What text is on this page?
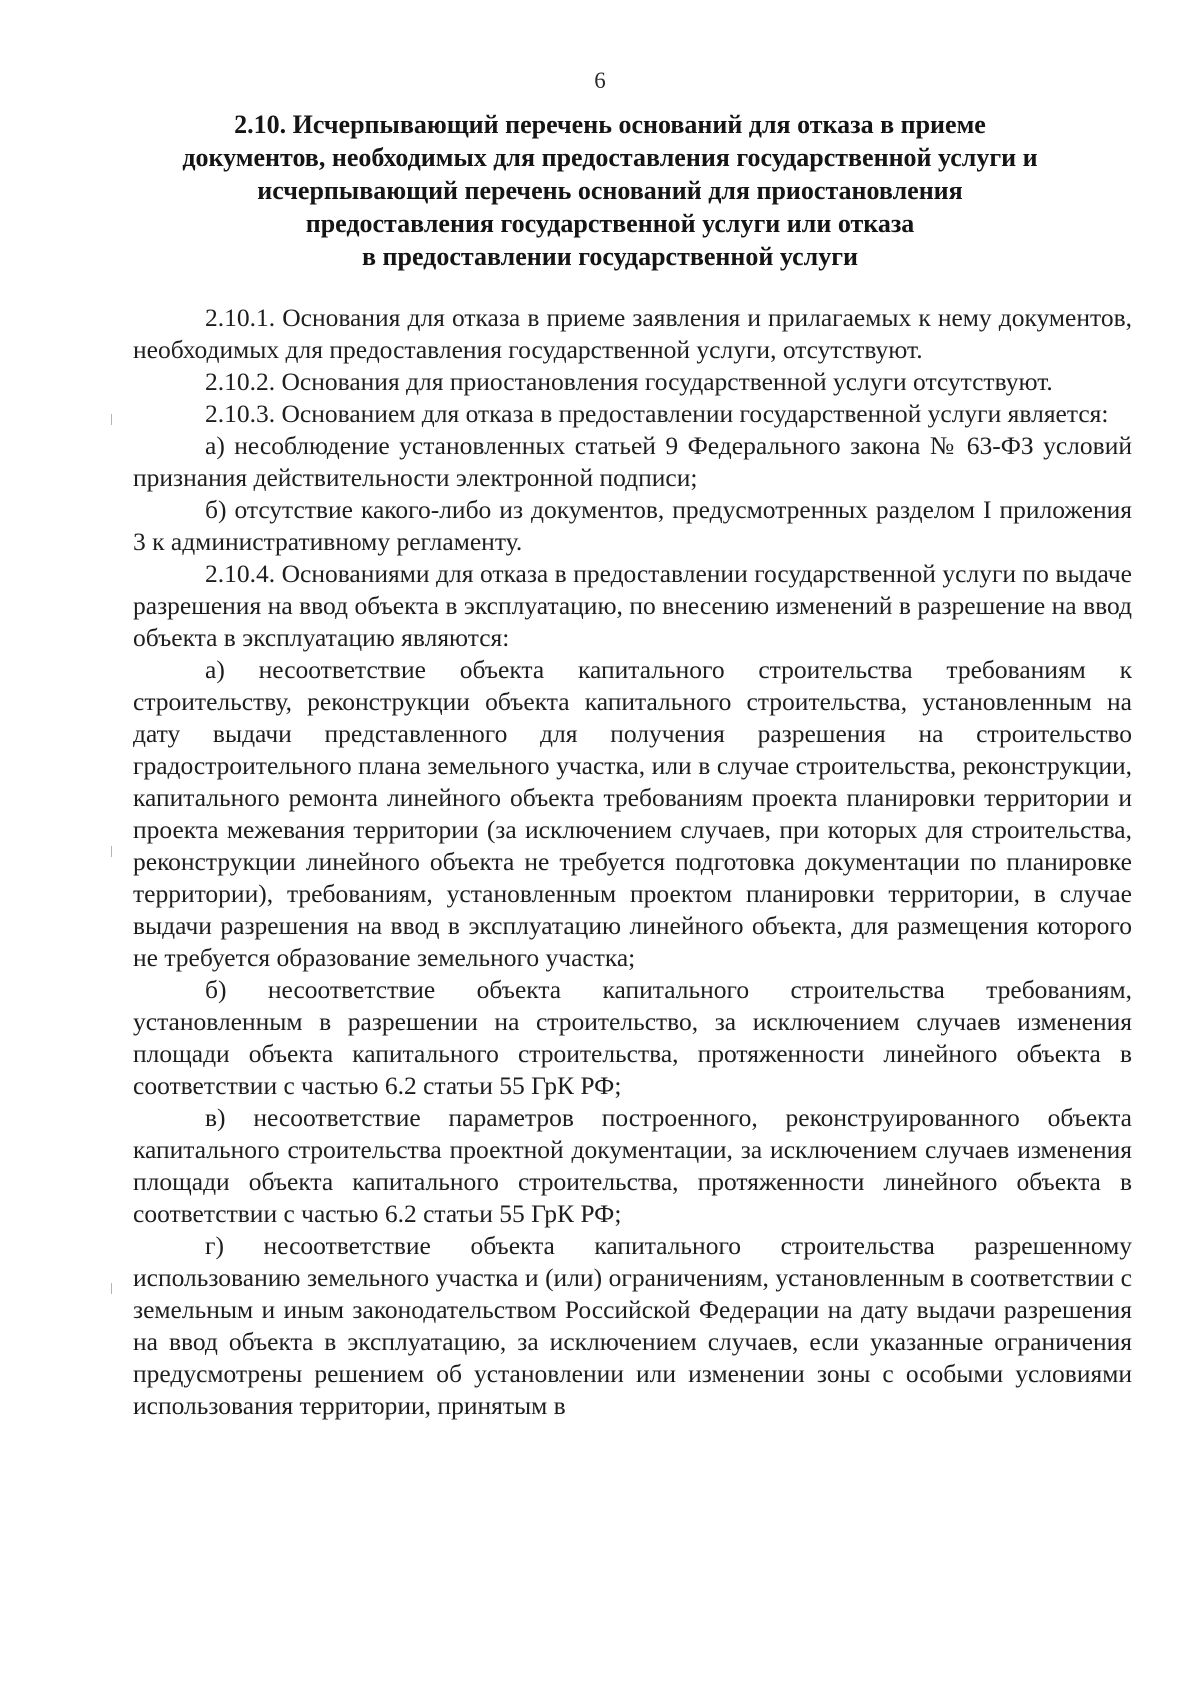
6
2.10. Исчерпывающий перечень оснований для отказа в приеме
документов, необходимых для предоставления государственной услуги и
исчерпывающий перечень оснований для приостановления
предоставления государственной услуги или отказа
в предоставлении государственной услуги

2.10.1. Основания для отказа в приеме заявления и прилагаемых к нему документов, необходимых для предоставления государственной услуги, отсутствуют.

2.10.2. Основания для приостановления государственной услуги отсутствуют.

2.10.3. Основанием для отказа в предоставлении государственной услуги является:

а) несоблюдение установленных статьей 9 Федерального закона № 63-ФЗ условий признания действительности электронной подписи;

б) отсутствие какого-либо из документов, предусмотренных разделом I приложения 3 к административному регламенту.

2.10.4. Основаниями для отказа в предоставлении государственной услуги по выдаче разрешения на ввод объекта в эксплуатацию, по внесению изменений в разрешение на ввод объекта в эксплуатацию являются:

а) несоответствие объекта капитального строительства требованиям к строительству, реконструкции объекта капитального строительства, установленным на дату выдачи представленного для получения разрешения на строительство градостроительного плана земельного участка, или в случае строительства, реконструкции, капитального ремонта линейного объекта требованиям проекта планировки территории и проекта межевания территории (за исключением случаев, при которых для строительства, реконструкции линейного объекта не требуется подготовка документации по планировке территории), требованиям, установленным проектом планировки территории, в случае выдачи разрешения на ввод в эксплуатацию линейного объекта, для размещения которого не требуется образование земельного участка;

б) несоответствие объекта капитального строительства требованиям, установленным в разрешении на строительство, за исключением случаев изменения площади объекта капитального строительства, протяженности линейного объекта в соответствии с частью 6.2 статьи 55 ГрК РФ;

в) несоответствие параметров построенного, реконструированного объекта капитального строительства проектной документации, за исключением случаев изменения площади объекта капитального строительства, протяженности линейного объекта в соответствии с частью 6.2 статьи 55 ГрК РФ;

г) несоответствие объекта капитального строительства разрешенному использованию земельного участка и (или) ограничениям, установленным в соответствии с земельным и иным законодательством Российской Федерации на дату выдачи разрешения на ввод объекта в эксплуатацию, за исключением случаев, если указанные ограничения предусмотрены решением об установлении или изменении зоны с особыми условиями использования территории, принятым в
